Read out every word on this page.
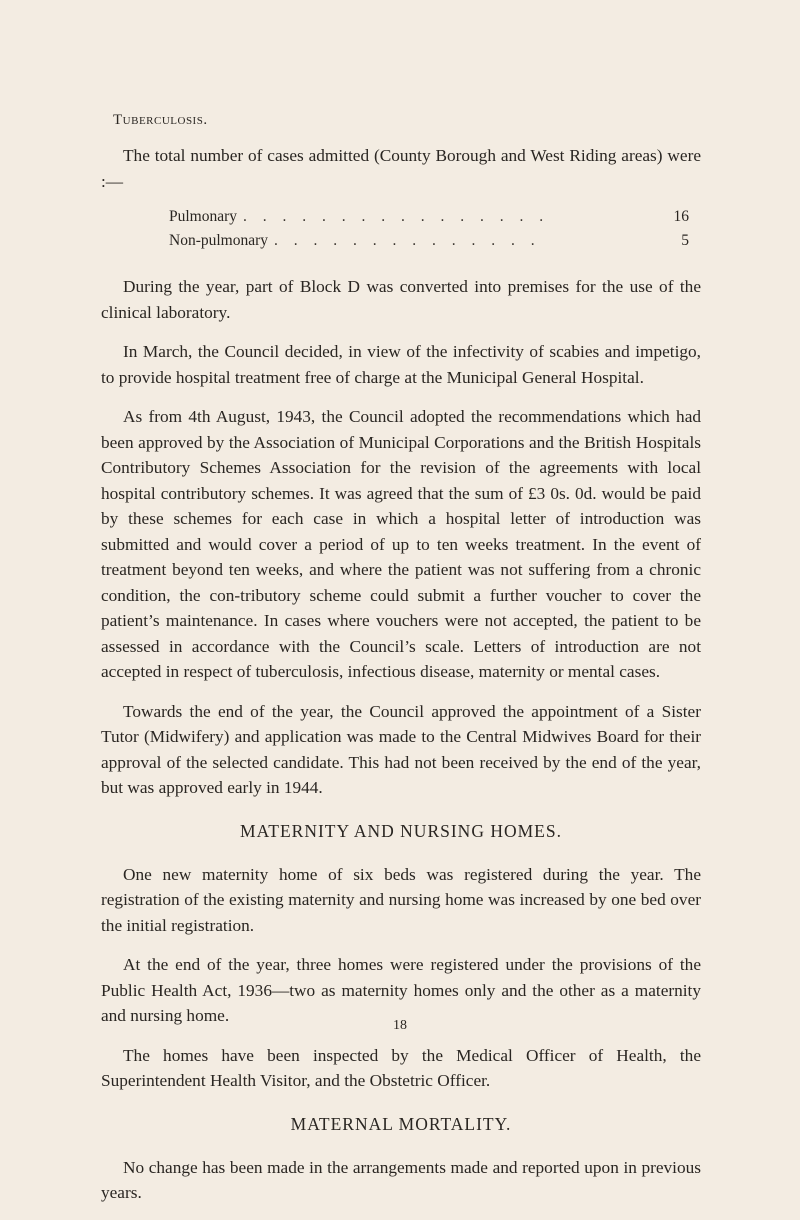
Tuberculosis.

The total number of cases admitted (County Borough and West Riding areas) were :—

Pulmonary . . . . . . . . . . . . . . . .	16
Non-pulmonary . . . . . . . . . . . . . .	5

During the year, part of Block D was converted into premises for the use of the clinical laboratory.

In March, the Council decided, in view of the infectivity of scabies and impetigo, to provide hospital treatment free of charge at the Municipal General Hospital.

As from 4th August, 1943, the Council adopted the recommendations which had been approved by the Association of Municipal Corporations and the British Hospitals Contributory Schemes Association for the revision of the agreements with local hospital contributory schemes. It was agreed that the sum of £3 0s. 0d. would be paid by these schemes for each case in which a hospital letter of introduction was submitted and would cover a period of up to ten weeks treatment. In the event of treatment beyond ten weeks, and where the patient was not suffering from a chronic condition, the con-tributory scheme could submit a further voucher to cover the patient’s maintenance. In cases where vouchers were not accepted, the patient to be assessed in accordance with the Council’s scale. Letters of introduction are not accepted in respect of tuberculosis, infectious disease, maternity or mental cases.

Towards the end of the year, the Council approved the appointment of a Sister Tutor (Midwifery) and application was made to the Central Midwives Board for their approval of the selected candidate. This had not been received by the end of the year, but was approved early in 1944.

MATERNITY AND NURSING HOMES.

One new maternity home of six beds was registered during the year. The registration of the existing maternity and nursing home was increased by one bed over the initial registration.

At the end of the year, three homes were registered under the provisions of the Public Health Act, 1936—two as maternity homes only and the other as a maternity and nursing home.

The homes have been inspected by the Medical Officer of Health, the Superintendent Health Visitor, and the Obstetric Officer.

MATERNAL MORTALITY.

No change has been made in the arrangements made and reported upon in previous years.

18
